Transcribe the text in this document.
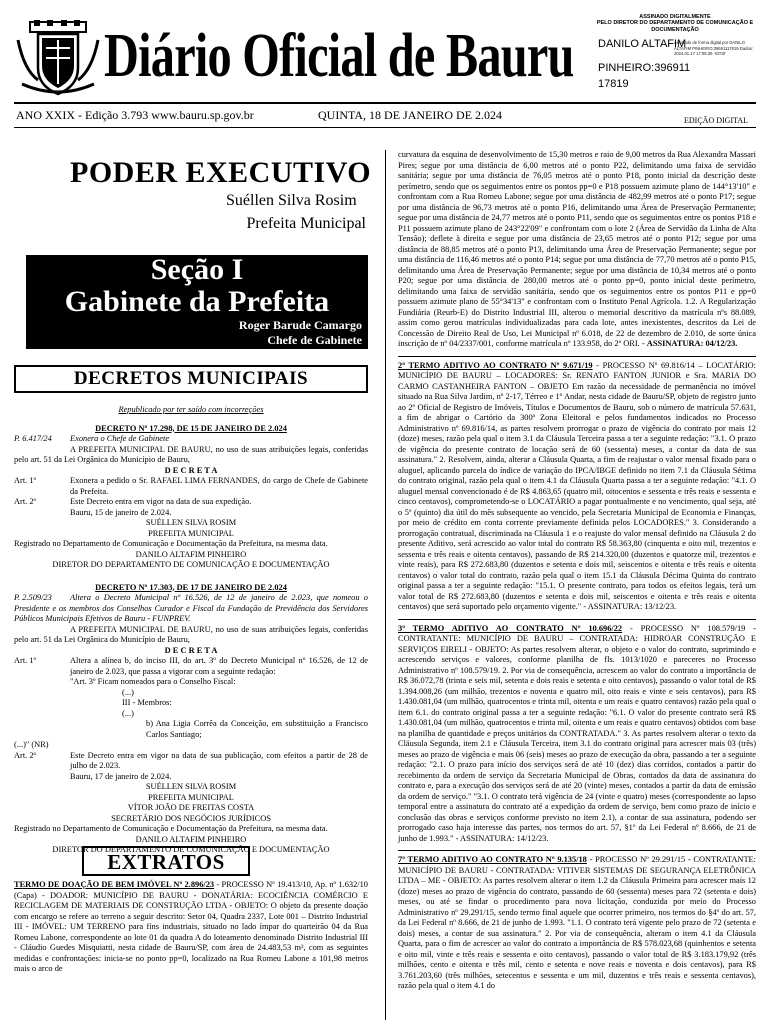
Diário Oficial de Bauru
ASSINADO DIGITALMENTE
PELO DIRETOR DO DEPARTAMENTO DE COMUNICAÇÃO E DOCUMENTAÇÃO
DANILO ALTAFIM
PINHEIRO:396911
17819
Assinado de forma digital por DANILO ALTAFIM PINHEIRO:39691117819 Dados: 2024.01.17 17:55:36 -03'00'
ANO XXIX - Edição 3.793 www.bauru.sp.gov.br	QUINTA, 18 DE JANEIRO DE 2.024	EDIÇÃO DIGITAL
PODER EXECUTIVO
Suéllen Silva Rosim
Prefeita Municipal
Seção I
Gabinete da Prefeita
Roger Barude Camargo
Chefe de Gabinete
DECRETOS MUNICIPAIS
Republicado por ter saído com incorreções
DECRETO Nº 17.298, DE 15 DE JANEIRO DE 2.024
P. 6.417/24	Exonera o Chefe de Gabinete
A PREFEITA MUNICIPAL DE BAURU, no uso de suas atribuições legais, conferidas pelo art. 51 da Lei Orgânica do Município de Bauru,
D E C R E T A
Art. 1º	Exonera a pedido o Sr. RAFAEL LIMA FERNANDES, do cargo de Chefe de Gabinete da Prefeita.
Art. 2º	Este Decreto entra em vigor na data de sua expedição.
Bauru, 15 de janeiro de 2.024.
SUÉLLEN SILVA ROSIM
PREFEITA MUNICIPAL
Registrado no Departamento de Comunicação e Documentação da Prefeitura, na mesma data.
DANILO ALTAFIM PINHEIRO
DIRETOR DO DEPARTAMENTO DE COMUNICAÇÃO E DOCUMENTAÇÃO
DECRETO Nº 17.303, DE 17 DE JANEIRO DE 2.024
P. 2.509/23 Altera o Decreto Municipal nº 16.526, de 12 de janeiro de 2.023, que nomeou o Presidente e os membros dos Conselhos Curador e Fiscal da Fundação de Previdência dos Servidores Públicos Municipais Efetivos de Bauru - FUNPREV.
A PREFEITA MUNICIPAL DE BAURU, no uso de suas atribuições legais, conferidas pelo art. 51 da Lei Orgânica do Município de Bauru,
D E C R E T A
Art. 1º	Altera a alínea b, do inciso III, do art. 3º do Decreto Municipal nº 16.526, de 12 de janeiro de 2.023, que passa a vigorar com a seguinte redação:
"Art. 3º Ficam nomeados para o Conselho Fiscal:
(...)
III - Membros:
(...)
b) Ana Ligia Corrêa da Conceição, em substituição a Francisco Carlos Santiago;
(...)" (NR)
Art. 2º	Este Decreto entra em vigor na data de sua publicação, com efeitos a partir de 28 de julho de 2.023.
Bauru, 17 de janeiro de 2.024.
SUÉLLEN SILVA ROSIM
PREFEITA MUNICIPAL
VÍTOR JOÃO DE FREITAS COSTA
SECRETÁRIO DOS NEGÓCIOS JURÍDICOS
Registrado no Departamento de Comunicação e Documentação da Prefeitura, na mesma data.
DANILO ALTAFIM PINHEIRO
DIRETOR DO DEPARTAMENTO DE COMUNICAÇÃO E DOCUMENTAÇÃO
EXTRATOS
TERMO DE DOAÇÃO DE BEM IMÓVEL Nº 2.896/23 - PROCESSO Nº 19.413/10, Ap. nº 1.632/10 (Capa) - DOADOR: MUNICÍPIO DE BAURU - DONATÁRIA: ECOCIÊNCIA COMÉRCIO E RECICLAGEM DE MATERIAIS DE CONSTRUÇÃO LTDA - OBJETO: O objeto da presente doação com encargo se refere ao terreno a seguir descrito: Setor 04, Quadra 2337, Lote 001 – Distrito Industrial III - IMÓVEL: UM TERRENO para fins industriais, situado no lado ímpar do quarteirão 04 da Rua Romeu Labone, correspondente ao lote 01 da quadra A do loteamento denominado Distrito Industrial III - Cláudio Guedes Misquiatti, nesta cidade de Bauru/SP, com área de 24.483,53 m², com as seguintes medidas e confrontações: inicia-se no ponto pp=0, localizado na Rua Romeu Labone a 101,98 metros mais o arco de
curvatura da esquina de desenvolvimento de 15,30 metros e raio de 9,00 metros da Rua Alexandra Massari Pires; segue por uma distância de 6,00 metros até o ponto P22, delimitando uma faixa de servidão sanitária; segue por uma distância de 76,05 metros até o ponto P18, ponto inicial da descrição deste perímetro, sendo que os seguimentos entre os pontos pp=0 e P18 possuem azimute plano de 144°13'10" e confrontam com a Rua Romeu Labone; segue por uma distância de 482,99 metros até o ponto P17; segue por uma distância de 96,73 metros até o ponto P16, delimitando uma Área de Preservação Permanente; segue por uma distância de 24,77 metros até o ponto P11, sendo que os seguimentos entre os pontos P18 e P11 possuem azimute plano de 243°22'09" e confrontam com o lote 2 (Área de Servidão da Linha de Alta Tensão); deflete à direita e segue por uma distância de 23,65 metros até o ponto P12; segue por uma distância de 88,85 metros até o ponto P13, delimitando uma Área de Preservação Permanente; segue por uma distância de 116,46 metros até o ponto P14; segue por uma distância de 77,70 metros até o ponto P15, delimitando uma Área de Preservação Permanente; segue por uma distância de 10,34 metros até o ponto P20; segue por uma distância de 280,00 metros até o ponto pp=0, ponto inicial deste perímetro, delimitando uma faixa de servidão sanitária, sendo que os seguimentos entre os pontos P11 e pp=0 possuem azimute plano de 55°34'13" e confrontam com o Instituto Penal Agrícola. 1.2. A Regularização Fundiária (Reurb-E) do Distrito Industrial III, alterou o memorial descritivo da matrícula nºs 88.089, assim como gerou matrículas individualizadas para cada lote, antes inexistentes, descritos da Lei de Concessão de Direito Real de Uso, Lei Municipal nº 6.018, de 22 de dezembro de 2.010, de sorte única inscrição de nº 04/2337/001, conforme matrícula nº 133.958, do 2º ORI. - ASSINATURA: 04/12/23.
2º TERMO ADITIVO AO CONTRATO Nº 9.671/19 - PROCESSO Nº 69.816/14 – LOCATÁRIO: MUNICÍPIO DE BAURU – LOCADORES: Sr. RENATO FANTON JUNIOR e Sra. MARIA DO CARMO CASTANHEIRA FANTON – OBJETO Em razão da necessidade de permanência no imóvel situado na Rua Silva Jardim, nº 2-17, Térreo e 1º Andar, nesta cidade de Bauru/SP, objeto de registro junto ao 2º Oficial de Registro de Imóveis, Títulos e Documentos de Bauru, sob o número de matrícula 57.631, a fim de abrigar o Cartório da 300ª Zona Eleitoral e pelos fundamentos indicados no Processo Administrativo nº 69.816/14, as partes resolvem prorrogar o prazo de vigência do contrato por mais 12 (doze) meses, razão pela qual o item 3.1 da Cláusula Terceira passa a ter a seguinte redação: "3.1. O prazo de vigência do presente contrato de locação será de 60 (sessenta) meses, a contar da data de sua assinatura." 2. Resolvem, ainda, alterar a Cláusula Quarta, a fim de reajustar o valor mensal fixado para o aluguel, aplicando parcela do índice de variação do IPCA/IBGE definido no item 7.1 da Cláusula Sétima do contrato original, razão pela qual o item 4.1 da Cláusula Quarta passa a ter a seguinte redação: "4.1. O aluguel mensal convencionado é de R$ 4.863,65 (quatro mil, oitocentos e sessenta e três reais e sessenta e cinco centavos), comprometendo-se o LOCATÁRIO a pagar pontualmente e no vencimento, qual seja, até o 5º (quinto) dia útil do mês subsequente ao vencido, pela Secretaria Municipal de Economia e Finanças, por meio de crédito em conta corrente previamente definida pelos LOCADORES." 3. Considerando a prorrogação contratual, discriminada na Cláusula 1 e o reajuste do valor mensal definido na Cláusula 2 do presente Aditivo, será acrescido ao valor total do contrato R$ 58.363,80 (cinquenta e oito mil, trezentos e sessenta e três reais e oitenta centavos), passando de R$ 214.320,00 (duzentos e quatorze mil, trezentos e vinte reais), para R$ 272.683,80 (duzentos e setenta e dois mil, seiscentos e oitenta e três reais e oitenta centavos) o valor total do contrato, razão pela qual o item 15.1 da Cláusula Décima Quinta do contrato original passa a ter a seguinte redação: "15.1. O presente contrato, para todos os efeitos legais, terá um valor total de R$ 272.683,80 (duzentos e setenta e dois mil, seiscentos e oitenta e três reais e oitenta centavos) que será suportado pelo orçamento vigente." - ASSINATURA: 13/12/23.
3º TERMO ADITIVO AO CONTRATO Nº 10.696/22 - PROCESSO Nº 108.579/19 - CONTRATANTE: MUNICÍPIO DE BAURU – CONTRATADA: HIDROAR CONSTRUÇÃO E SERVIÇOS EIRELI - OBJETO: As partes resolvem alterar, o objeto e o valor do contrato, suprimindo e acrescendo serviços e valores, conforme planilha de fls. 1013/1020 e pareceres no Processo Administrativo nº 108.579/19. 2. Por via de consequência, acrescem ao valor do contrato a importância de R$ 36.072,78 (trinta e seis mil, setenta e dois reais e setenta e oito centavos), passando o valor total de R$ 1.394.008,26 (um milhão, trezentos e noventa e quatro mil, oito reais e vinte e seis centavos), para R$ 1.430.081,04 (um milhão, quatrocentos e trinta mil, oitenta e um reais e quatro centavos) razão pela qual o item 6.1. do contrato original passa a ter a seguinte redação: "6.1. O valor do presente contrato será R$ 1.430.081,04 (um milhão, quatrocentos e trinta mil, oitenta e um reais e quatro centavos) obtidos com base na planilha de quantidade e preços unitários da CONTRATADA." 3. As partes resolvem alterar o texto da Cláusula Segunda, item 2.1 e Cláusula Terceira, item 3.1 do contrato original para acrescer mais 03 (três) meses ao prazo de vigência e mais 06 (seis) meses ao prazo de execução da obra, passando a ter a seguinte redação: "2.1. O prazo para início dos serviços será de até 10 (dez) dias corridos, contados a partir do recebimento da ordem de serviço da Secretaria Municipal de Obras, contados da data de assinatura do contrato e, para a execução dos serviços será de até 20 (vinte) meses, contados a partir da data de emissão da ordem de serviço." "3.1. O contrato terá vigência de 24 (vinte e quatro) meses (correspondente ao lapso temporal entre a assinatura do contrato até a expedição da ordem de serviço, bem como prazo de início e conclusão das obras e serviços conforme previsto no item 2.1), a contar de sua assinatura, podendo ser prorrogado caso haja interesse das partes, nos termos do art. 57, §1º da Lei Federal nº 8.666, de 21 de junho de 1.993." - ASSINATURA: 14/12/23.
7º TERMO ADITIVO AO CONTRATO Nº 9.135/18 - PROCESSO Nº 29.291/15 - CONTRATANTE: MUNICÍPIO DE BAURU - CONTRATADA: VITIVER SISTEMAS DE SEGURANÇA ELETRÔNICA LTDA – ME - OBJETO: As partes resolvem alterar o item 1.2 da Cláusula Primeira para acrescer mais 12 (doze) meses ao prazo de vigência do contrato, passando de 60 (sessenta) meses para 72 (setenta e dois) meses, ou até se findar o procedimento para nova licitação, conduzida por meio do Processo Administrativo nº 29.291/15, sendo termo final aquele que ocorrer primeiro, nos termos do §4º do art. 57, da Lei Federal nº 8.666, de 21 de junho de 1.993. "1.1. O contrato terá vigente pelo prazo de 72 (setenta e dois) meses, a contar de sua assinatura." 2. Por via de consequência, alteram o item 4.1 da Cláusula Quarta, para o fim de acrescer ao valor do contrato a importância de R$ 578.023,68 (quinhentos e setenta e oito mil, vinte e três reais e sessenta e oito centavos), passando o valor total de R$ 3.183.179,92 (três milhões, cento e oitenta e três mil, cento e setenta e nove reais e noventa e dois centavos), para R$ 3.761.203,60 (três milhões, setecentos e sessenta e um mil, duzentos e três reais e sessenta centavos), razão pela qual o item 4.1 do
